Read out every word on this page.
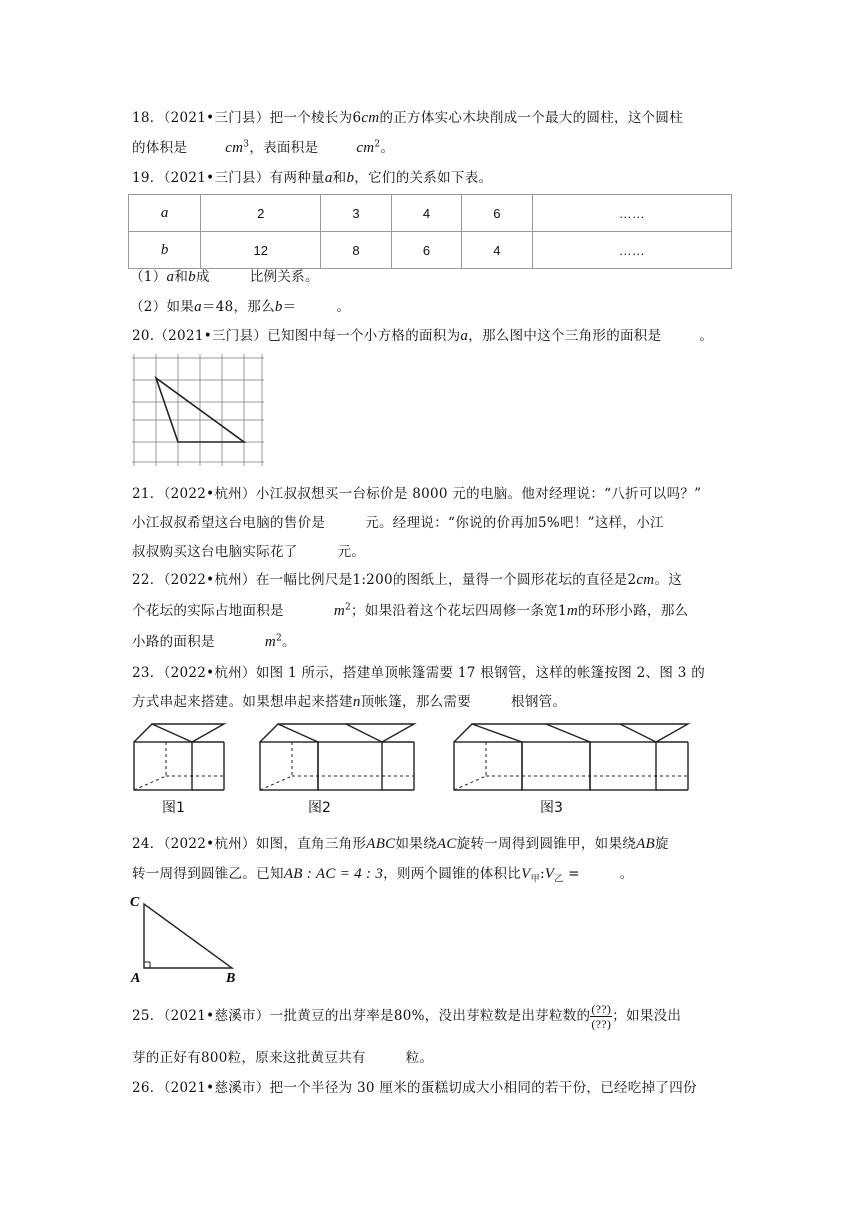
18．（2021•三门县）把一个棱长为6cm的正方体实心木块削成一个最大的圆柱，这个圆柱
的体积是	$cm^3$，表面积是	$cm^2$。
19．（2021•三门县）有两种量a和b，它们的关系如下表。
a	2	3	4	6	……
b	12	8	6	4	……
（1）a和b成	比例关系。
（2）如果a＝48，那么b＝	。
20.（2021•三门县）已知图中每一个小方格的面积为a，那么图中这个三角形的面积是	。
21．（2022•杭州）小江叔叔想买一台标价是 8000 元的电脑。他对经理说：“八折可以吗？”
小江叔叔希望这台电脑的售价是	元。经理说：“你说的价再加5%吧！”这样，小江
叔叔购买这台电脑实际花了	元。
22．（2022•杭州）在一幅比例尺是1:200的图纸上，量得一个圆形花坛的直径是2cm。这
个花坛的实际占地面积是	$m^2$；如果沿着这个花坛四周修一条宽1m的环形小路，那么
小路的面积是	$m^2$。
23．（2022•杭州）如图 1 所示，搭建单顶帐篷需要 17 根钢管，这样的帐篷按图 2、图 3 的
方式串起来搭建。如果想串起来搭建n顶帐篷，那么需要	根钢管。
图1	图2	图3
24．（2022•杭州）如图，直角三角形ABC如果绕AC旋转一周得到圆锥甲，如果绕AB旋
转一周得到圆锥乙。已知AB : AC = 4 : 3，则两个圆锥的体积比$V_甲:V_乙$ =	。
C
A	B
25．（2021•慈溪市）一批黄豆的出芽率是80%，没出芽粒数是出芽粒数的 $\frac{(??)}{(??)}$ ；如果没出
芽的正好有800粒，原来这批黄豆共有	粒。
26．（2021•慈溪市）把一个半径为 30 厘米的蛋糕切成大小相同的若干份，已经吃掉了四份
